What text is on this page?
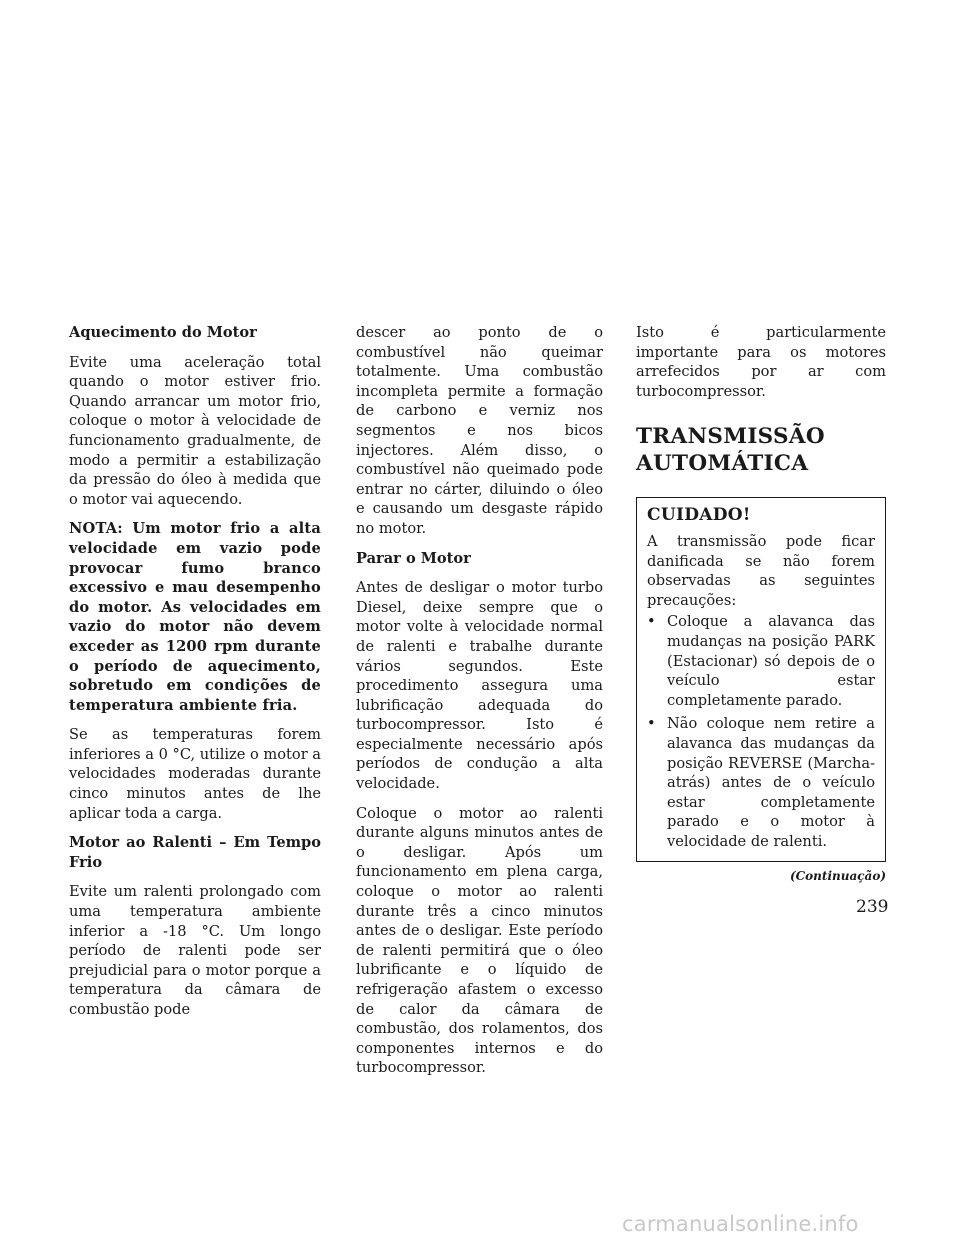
Aquecimento do Motor

Evite uma aceleração total quando o motor estiver frio. Quando arrancar um motor frio, coloque o motor à velocidade de funcionamento gradualmente, de modo a permitir a estabilização da pressão do óleo à medida que o motor vai aquecendo.

NOTA: Um motor frio a alta velocidade em vazio pode provocar fumo branco excessivo e mau desempenho do motor. As velocidades em vazio do motor não devem exceder as 1200 rpm durante o período de aquecimento, sobretudo em condições de temperatura ambiente fria.

Se as temperaturas forem inferiores a 0 °C, utilize o motor a velocidades moderadas durante cinco minutos antes de lhe aplicar toda a carga.

Motor ao Ralenti – Em Tempo Frio

Evite um ralenti prolongado com uma temperatura ambiente inferior a -18 °C. Um longo período de ralenti pode ser prejudicial para o motor porque a temperatura da câmara de combustão pode

descer ao ponto de o combustível não queimar totalmente. Uma combustão incompleta permite a formação de carbono e verniz nos segmentos e nos bicos injectores. Além disso, o combustível não queimado pode entrar no cárter, diluindo o óleo e causando um desgaste rápido no motor.

Parar o Motor

Antes de desligar o motor turbo Diesel, deixe sempre que o motor volte à velocidade normal de ralenti e trabalhe durante vários segundos. Este procedimento assegura uma lubrificação adequada do turbocompressor. Isto é especialmente necessário após períodos de condução a alta velocidade.

Coloque o motor ao ralenti durante alguns minutos antes de o desligar. Após um funcionamento em plena carga, coloque o motor ao ralenti durante três a cinco minutos antes de o desligar. Este período de ralenti permitirá que o óleo lubrificante e o líquido de refrigeração afastem o excesso de calor da câmara de combustão, dos rolamentos, dos componentes internos e do turbocompressor.

Isto é particularmente importante para os motores arrefecidos por ar com turbocompressor.

TRANSMISSÃO
AUTOMÁTICA
CUIDADO!

A transmissão pode ficar danificada se não forem observadas as seguintes precauções:

• Coloque a alavanca das mudanças na posição PARK (Estacionar) só depois de o veículo estar completamente parado.
• Não coloque nem retire a alavanca das mudanças da posição REVERSE (Marcha-atrás) antes de o veículo estar completamente parado e o motor à velocidade de ralenti.
(Continuação)
239
carmanualsonline.info
